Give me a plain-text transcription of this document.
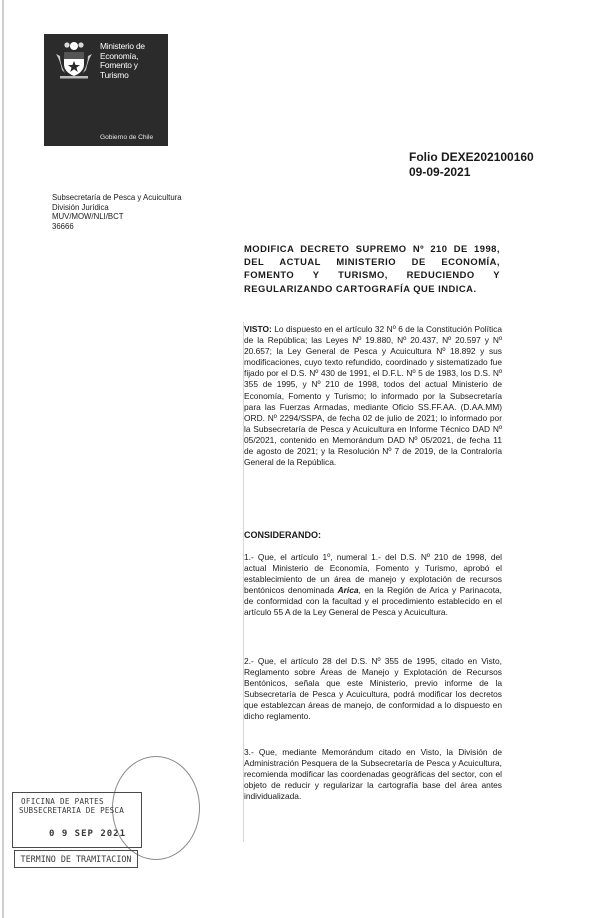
Ministerio de
Economía,
Fomento y
Turismo
Gobierno de Chile
Folio DEXE202100160
09-09-2021
Subsecretaría de Pesca y Acuicultura
División Jurídica
MUV/MOW/NLI/BCT
36666
MODIFICA DECRETO SUPREMO Nº 210 DE 1998, DEL ACTUAL MINISTERIO DE ECONOMÍA, FOMENTO Y TURISMO, REDUCIENDO Y REGULARIZANDO CARTOGRAFÍA QUE INDICA.
VISTO: Lo dispuesto en el artículo 32 Nº 6 de la Constitución Política de la República; las Leyes Nº 19.880, Nº 20.437, Nº 20.597 y Nº 20.657; la Ley General de Pesca y Acuicultura Nº 18.892 y sus modificaciones, cuyo texto refundido, coordinado y sistematizado fue fijado por el D.S. Nº 430 de 1991, el D.F.L. Nº 5 de 1983, los D.S. Nº 355 de 1995, y Nº 210 de 1998, todos del actual Ministerio de Economía, Fomento y Turismo; lo informado por la Subsecretaría para las Fuerzas Armadas, mediante Oficio SS.FF.AA. (D.AA.MM) ORD. Nº 2294/SSPA, de fecha 02 de julio de 2021; lo informado por la Subsecretaría de Pesca y Acuicultura en Informe Técnico DAD Nº 05/2021, contenido en Memorándum DAD Nº 05/2021, de fecha 11 de agosto de 2021; y la Resolución Nº 7 de 2019, de la Contraloría General de la República.
CONSIDERANDO:
1.- Que, el artículo 1º, numeral 1.- del D.S. Nº 210 de 1998, del actual Ministerio de Economía, Fomento y Turismo, aprobó el establecimiento de un área de manejo y explotación de recursos bentónicos denominada Arica, en la Región de Arica y Parinacota, de conformidad con la facultad y el procedimiento establecido en el artículo 55 A de la Ley General de Pesca y Acuicultura.
2.- Que, el artículo 28 del D.S. Nº 355 de 1995, citado en Visto, Reglamento sobre Áreas de Manejo y Explotación de Recursos Bentónicos, señala que este Ministerio, previo informe de la Subsecretaría de Pesca y Acuicultura, podrá modificar los decretos que establezcan áreas de manejo, de conformidad a lo dispuesto en dicho reglamento.
3.- Que, mediante Memorándum citado en Visto, la División de Administración Pesquera de la Subsecretaría de Pesca y Acuicultura, recomienda modificar las coordenadas geográficas del sector, con el objeto de reducir y regularizar la cartografía base del área antes individualizada.
OFICINA DE PARTES
SUBSECRETARIA DE PESCA
0 9 SEP 2021
TERMINO DE TRAMITACION
